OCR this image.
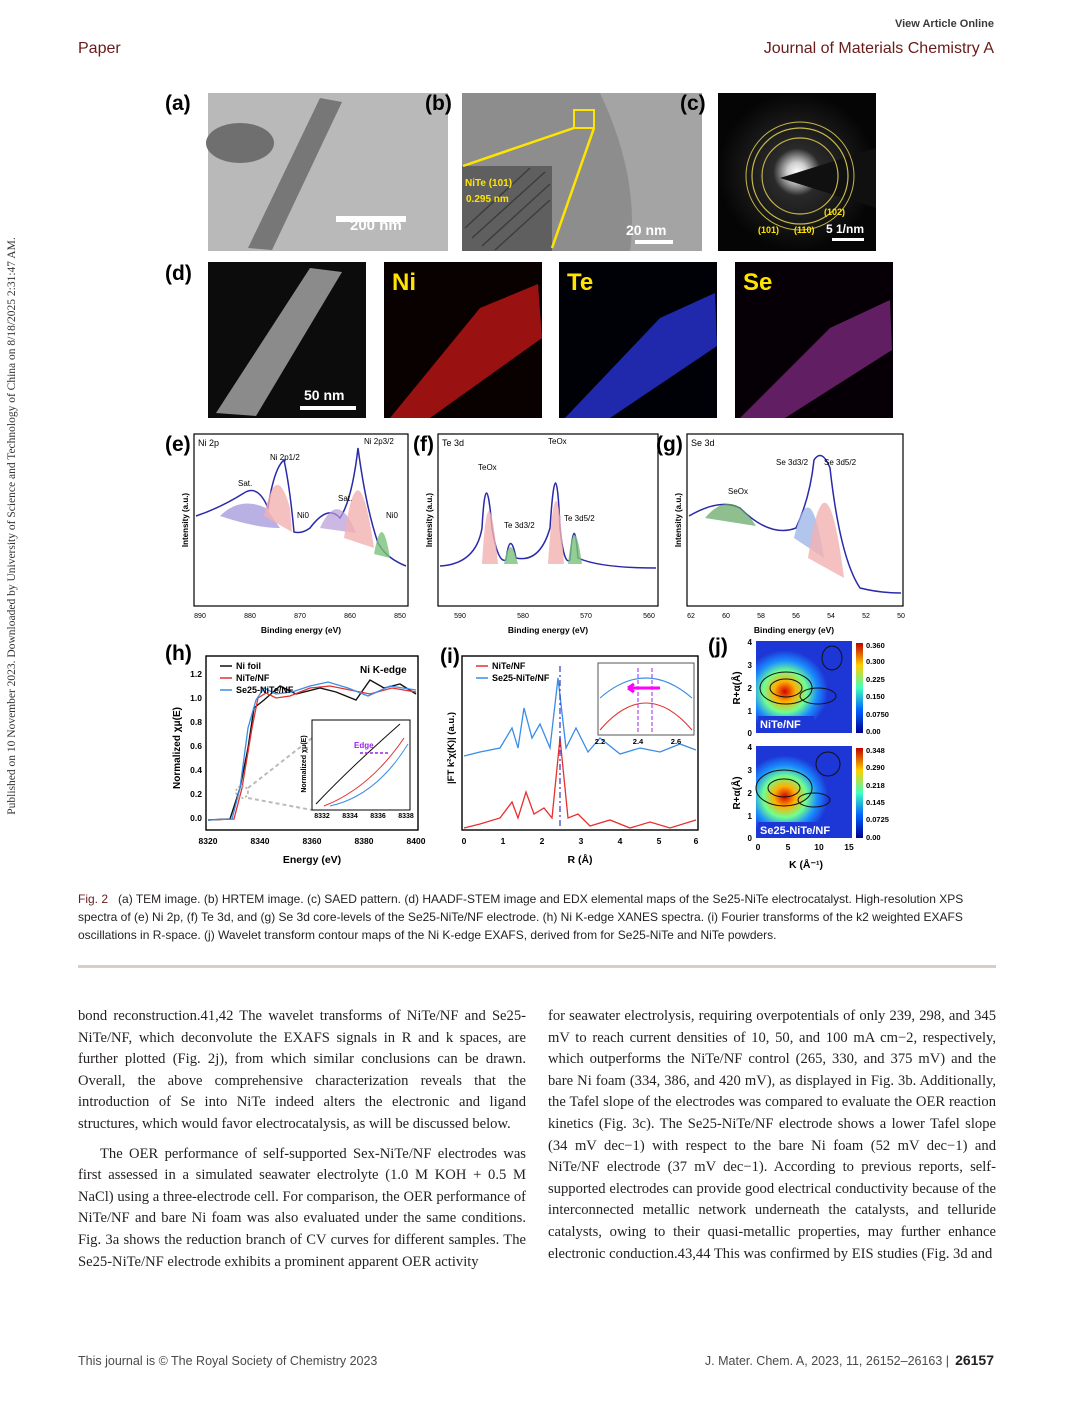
Published on 10 November 2023. Downloaded by University of Science and Technology of China on 8/18/2025 2:31:47 AM.
View Article Online
Paper	Journal of Materials Chemistry A
(a)
200 nm
(b)
NiTe (101)
0.295 nm
20 nm
(c)
(101) (110)
(102)
5 1/nm
(d)
50 nm
Ni	Te	Se
(e) Ni 2p
Sat.
Ni 2p1/2
Ni0
Sat.
Ni 2p3/2
Ni0
890	880	870	860	850
Binding energy (eV)
Intensity (a.u.)
(f) Te 3d
TeOx
Te 3d3/2
TeOx
Te 3d5/2
590	580	570	560
Binding energy (eV)
Intensity (a.u.)
(g) Se 3d
SeOx
Se 3d3/2 Se 3d5/2
62	60	58	56	54	52	50
Binding energy (eV)
Intensity (a.u.)
(h)
Edge
Normalized χμ(E)
8332 8334 8336 8338
Ni foil
NiTe/NF
Se25-NiTe/NF
Ni K-edge
0.0
0.2
0.4
0.6
0.8
1.0
1.2
8320	8340	8360	8380	8400
Energy (eV)
Normalized χμ(E)
(i)
2.2	2.4	2.6
NiTe/NF
Se25-NiTe/NF
0	1	2	3	4	5	6
R (Å)
|FT k²χ(K)| (a.u.)
(j)
NiTe/NF
0.360
0.300
0.225
0.150
0.0750
0.00
Se25-NiTe/NF
0.348
0.290
0.218
0.145
0.0725
0.00
4
3
2
1
0
4
3
2
1
0
0	5	10 15
K (Å⁻¹)
R+α(Å)
R+α(Å)
Fig. 2 (a) TEM image. (b) HRTEM image. (c) SAED pattern. (d) HAADF-STEM image and EDX elemental maps of the Se25-NiTe electrocatalyst. High-resolution XPS spectra of (e) Ni 2p, (f) Te 3d, and (g) Se 3d core-levels of the Se25-NiTe/NF electrode. (h) Ni K-edge XANES spectra. (i) Fourier transforms of the k2 weighted EXAFS oscillations in R-space. (j) Wavelet transform contour maps of the Ni K-edge EXAFS, derived from for Se25-NiTe and NiTe powders.

bond reconstruction.41,42 The wavelet transforms of NiTe/NF and Se25-NiTe/NF, which deconvolute the EXAFS signals in R and k spaces, are further plotted (Fig. 2j), from which similar conclusions can be drawn. Overall, the above comprehensive characterization reveals that the introduction of Se into NiTe indeed alters the electronic and ligand structures, which would favor electrocatalysis, as will be discussed below.

The OER performance of self-supported Sex-NiTe/NF electrodes was first assessed in a simulated seawater electrolyte (1.0 M KOH + 0.5 M NaCl) using a three-electrode cell. For comparison, the OER performance of NiTe/NF and bare Ni foam was also evaluated under the same conditions. Fig. 3a shows the reduction branch of CV curves for different samples. The Se25-NiTe/NF electrode exhibits a prominent apparent OER activity

for seawater electrolysis, requiring overpotentials of only 239, 298, and 345 mV to reach current densities of 10, 50, and 100 mA cm−2, respectively, which outperforms the NiTe/NF control (265, 330, and 375 mV) and the bare Ni foam (334, 386, and 420 mV), as displayed in Fig. 3b. Additionally, the Tafel slope of the electrodes was compared to evaluate the OER reaction kinetics (Fig. 3c). The Se25-NiTe/NF electrode shows a lower Tafel slope (34 mV dec−1) with respect to the bare Ni foam (52 mV dec−1) and NiTe/NF electrode (37 mV dec−1). According to previous reports, self-supported electrodes can provide good electrical conductivity because of the interconnected metallic network underneath the catalysts, and telluride catalysts, owing to their quasi-metallic properties, may further enhance electronic conduction.43,44 This was confirmed by EIS studies (Fig. 3d and

This journal is © The Royal Society of Chemistry 2023	J. Mater. Chem. A, 2023, 11, 26152–26163 | 26157
